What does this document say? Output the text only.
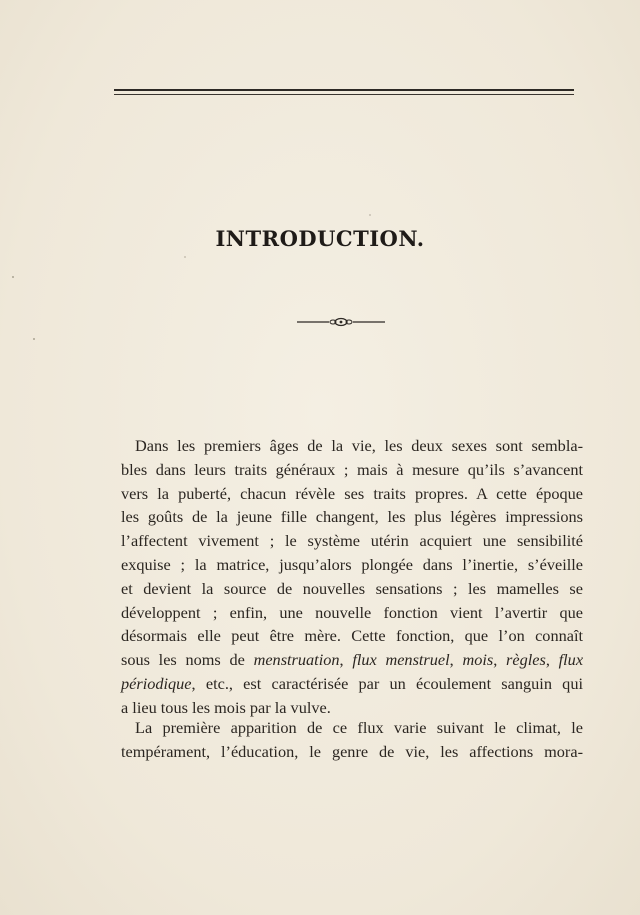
INTRODUCTION.
Dans les premiers âges de la vie, les deux sexes sont sembla-
bles dans leurs traits généraux ; mais à mesure qu’ils s’avancent
vers la puberté, chacun révèle ses traits propres. A cette époque
les goûts de la jeune fille changent, les plus légères impressions
l’affectent vivement ; le système utérin acquiert une sensibilité
exquise ; la matrice, jusqu’alors plongée dans l’inertie, s’éveille
et devient la source de nouvelles sensations ; les mamelles se
développent ; enfin, une nouvelle fonction vient l’avertir que
désormais elle peut être mère. Cette fonction, que l’on connaît
sous les noms de menstruation, flux menstruel, mois, règles, flux
périodique, etc., est caractérisée par un écoulement sanguin qui
a lieu tous les mois par la vulve.
La première apparition de ce flux varie suivant le climat, le
tempérament, l’éducation, le genre de vie, les affections mora-
